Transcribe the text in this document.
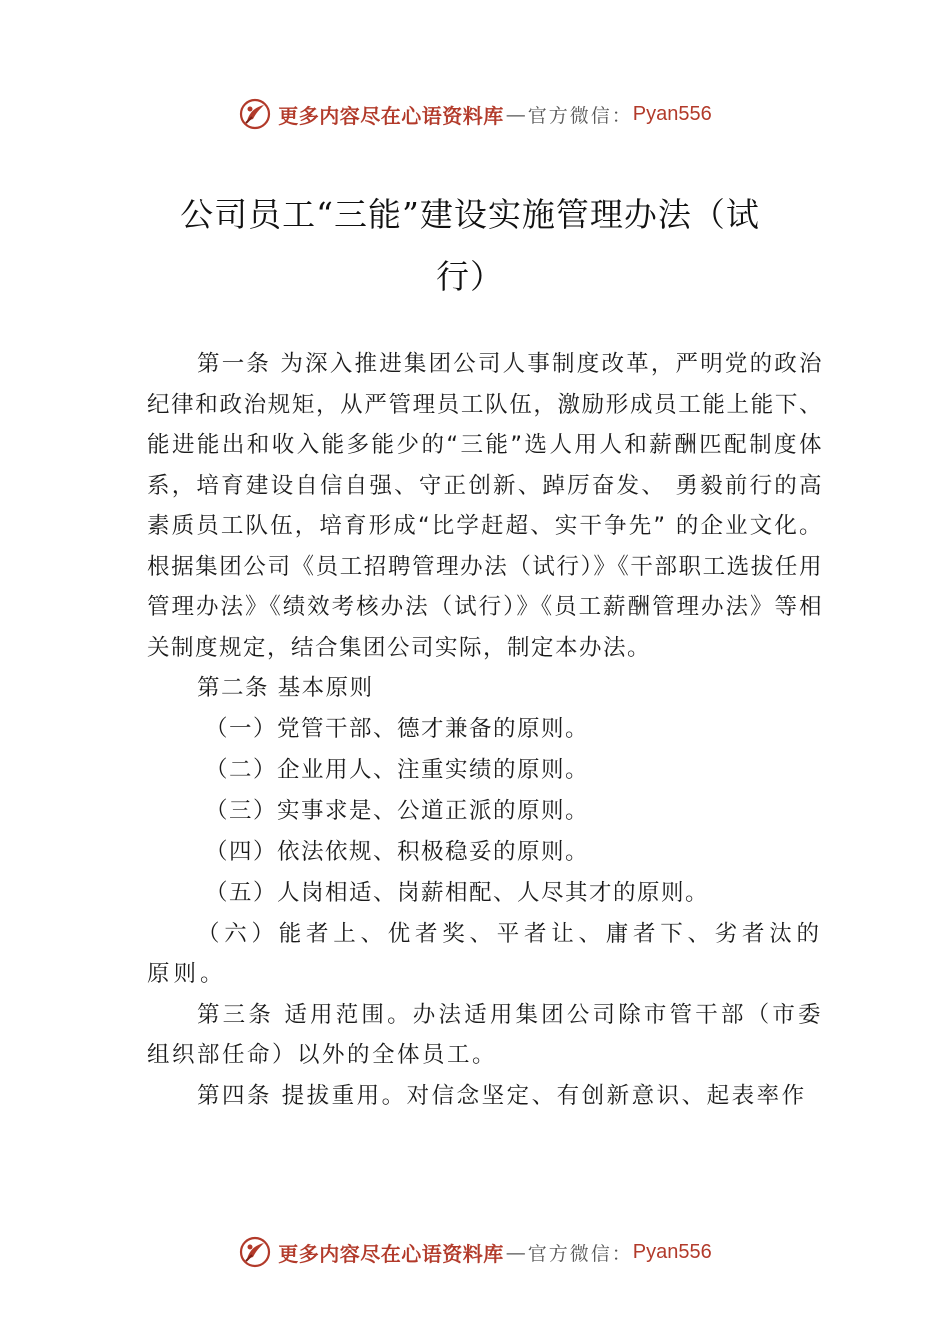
更多内容尽在心语资料库 — 官方微信： Pyan556
公司员工“三能”建设实施管理办法（试
行）

第一条 为深入推进集团公司人事制度改革，严明党的政治纪律和政治规矩，从严管理员工队伍，激励形成员工能上能下、能进能出和收入能多能少的“三能”选人用人和薪酬匹配制度体系，培育建设自信自强、守正创新、踔厉奋发、 勇毅前行的高素质员工队伍，培育形成“比学赶超、实干争先” 的企业文化。根据集团公司《员工招聘管理办法（试行）》《干部职工选拔任用管理办法》《绩效考核办法（试行）》《员工薪酬管理办法》等相关制度规定，结合集团公司实际，制定本办法。

第二条 基本原则

（一）党管干部、德才兼备的原则。

（二）企业用人、注重实绩的原则。

（三）实事求是、公道正派的原则。

（四）依法依规、积极稳妥的原则。

（五）人岗相适、岗薪相配、人尽其才的原则。

（六）能者上、优者奖、平者让、庸者下、劣者汰的原则。

第三条 适用范围。办法适用集团公司除市管干部（市委组织部任命）以外的全体员工。

第四条 提拔重用。对信念坚定、有创新意识、起表率作

更多内容尽在心语资料库 — 官方微信： Pyan556
